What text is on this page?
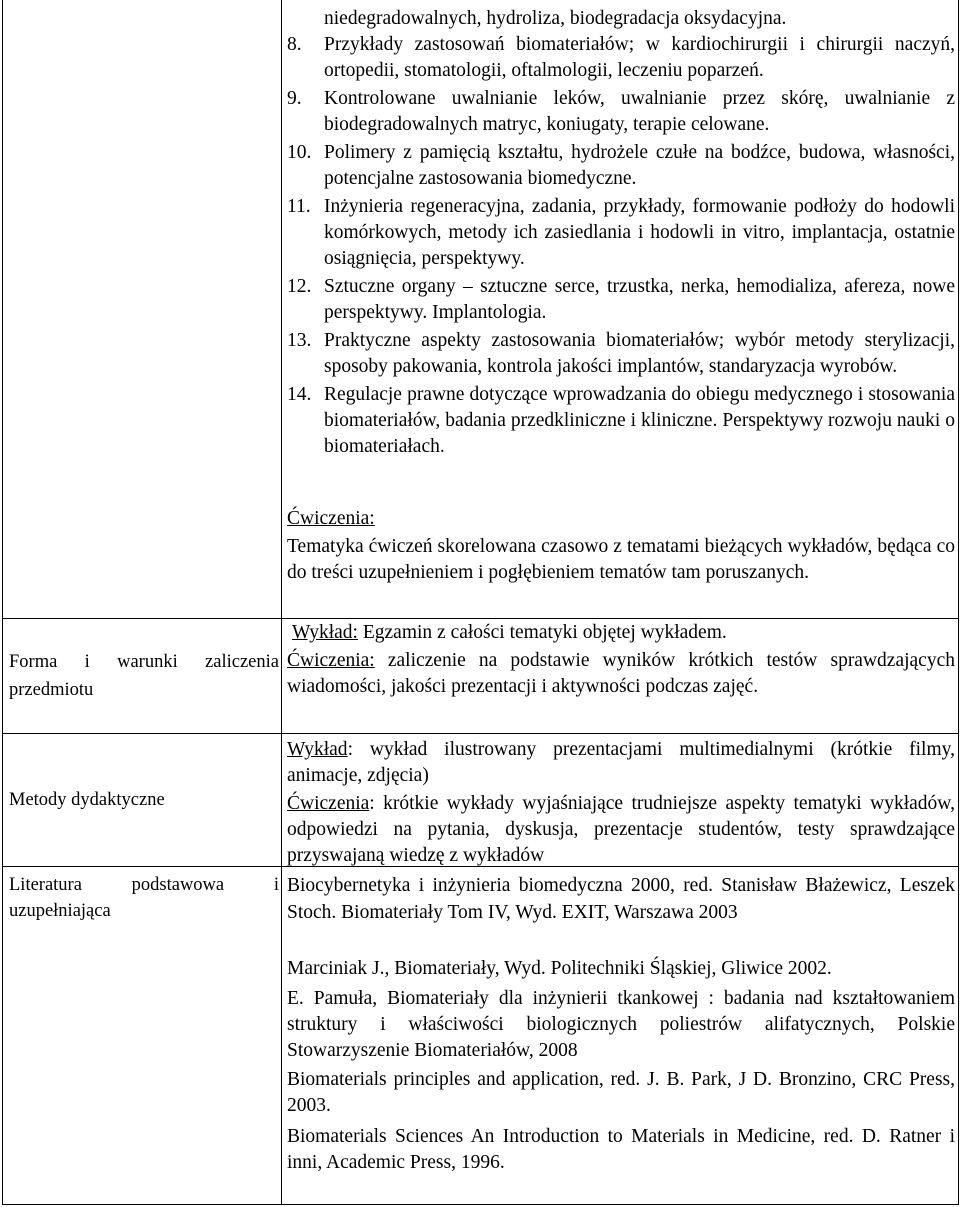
Forma i warunki zaliczenia przedmiotu
Metody dydaktyczne
Literatura podstawowa i uzupełniająca
niedegradowalnych, hydroliza, biodegradacja oksydacyjna.
8.	Przykłady zastosowań biomateriałów; w kardiochirurgii i chirurgii naczyń, ortopedii, stomatologii, oftalmologii, leczeniu poparzeń.
9.	Kontrolowane uwalnianie leków, uwalnianie przez skórę, uwalnianie z biodegradowalnych matryc, koniugaty, terapie celowane.
10. Polimery z pamięcią kształtu, hydrożele czułe na bodźce, budowa, własności, potencjalne zastosowania biomedyczne.
11. Inżynieria regeneracyjna, zadania, przykłady, formowanie podłoży do hodowli komórkowych, metody ich zasiedlania i hodowli in vitro, implantacja, ostatnie osiągnięcia, perspektywy.
12. Sztuczne organy – sztuczne serce, trzustka, nerka, hemodializa, afereza, nowe perspektywy. Implantologia.
13. Praktyczne aspekty zastosowania biomateriałów; wybór metody sterylizacji, sposoby pakowania, kontrola jakości implantów, standaryzacja wyrobów.
14. Regulacje prawne dotyczące wprowadzania do obiegu medycznego i stosowania biomateriałów, badania przedkliniczne i kliniczne. Perspektywy rozwoju nauki o biomateriałach.
Ćwiczenia:
Tematyka ćwiczeń skorelowana czasowo z tematami bieżących wykładów, będąca co do treści uzupełnieniem i pogłębieniem tematów tam poruszanych.
Wykład: Egzamin z całości tematyki objętej wykładem.
Ćwiczenia: zaliczenie na podstawie wyników krótkich testów sprawdzających wiadomości, jakości prezentacji i aktywności podczas zajęć.
Wykład: wykład ilustrowany prezentacjami multimedialnymi (krótkie filmy, animacje, zdjęcia)
Ćwiczenia: krótkie wykłady wyjaśniające trudniejsze aspekty tematyki wykładów, odpowiedzi na pytania, dyskusja, prezentacje studentów, testy sprawdzające przyswajaną wiedzę z wykładów
Biocybernetyka i inżynieria biomedyczna 2000, red. Stanisław Błażewicz, Leszek Stoch. Biomateriały Tom IV, Wyd. EXIT, Warszawa 2003
Marciniak J., Biomateriały, Wyd. Politechniki Śląskiej, Gliwice 2002.
E. Pamuła, Biomateriały dla inżynierii tkankowej : badania nad kształtowaniem struktury i właściwości biologicznych poliestrów alifatycznych, Polskie Stowarzyszenie Biomateriałów, 2008
Biomaterials principles and application, red. J. B. Park, J D. Bronzino, CRC Press, 2003.
Biomaterials Sciences An Introduction to Materials in Medicine, red. D. Ratner i inni, Academic Press, 1996.
